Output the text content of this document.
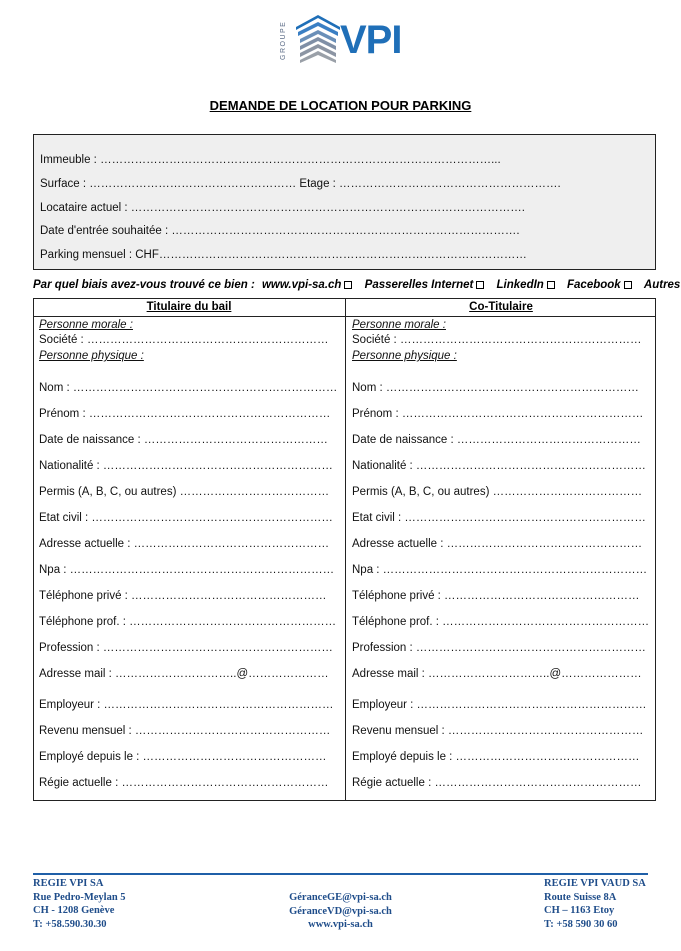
GROUPE VPI
DEMANDE DE LOCATION POUR PARKING
Immeuble : …………………………………………………………………………………………...
Surface : ……………………………………………… Etage : ………………………………………………….
Locataire actuel : ………………………………………………………………………………………….
Date d'entrée souhaitée : ……………………………………………………………………………….
Parking mensuel : CHF……………………………………………………………………………………
Par quel biais avez-vous trouvé ce bien : www.vpi-sa.ch Passerelles Internet LinkedIn Facebook Autres
Titulaire du bail	Co-Titulaire
Personne morale :
Société : ………………………………………………………
Personne physique :
Nom : ……………………………………………………………
Prénom : ………………………………………………………
Date de naissance : …………………………………………
Nationalité : ……………………………………………………
Permis (A, B, C, ou autres) …………………………………
Etat civil : ………………………………………………………
Adresse actuelle : ……………………………………………
Npa : ……………………………………………………………
Téléphone privé : ……………………………………………
Téléphone prof. : ………………………………………………
Profession : ……………………………………………………
Adresse mail : …………………………..@…………………
Employeur : ……………………………………………………
Revenu mensuel : ……………………………………………
Employé depuis le : …………………………………………
Régie actuelle : ………………………………………………
Personne morale :
Société : ………………………………………………………
Personne physique :
Nom : …………………………………………………………
Prénom : ………………………………………………………
Date de naissance : …………………………………………
Nationalité : ……………………………………………………
Permis (A, B, C, ou autres) …………………………………
Etat civil : ………………………………………………………
Adresse actuelle : ……………………………………………
Npa : ……………………………………………………………
Téléphone privé : ……………………………………………
Téléphone prof. : ………………………………………………
Profession : ……………………………………………………
Adresse mail : …………………………..@…………………
Employeur : ……………………………………………………
Revenu mensuel : ……………………………………………
Employé depuis le : …………………………………………
Régie actuelle : ………………………………………………
REGIE VPI SA
Rue Pedro-Meylan 5
CH - 1208 Genève
T: +58.590.30.30
GéranceGE@vpi-sa.ch
GéranceVD@vpi-sa.ch
www.vpi-sa.ch
REGIE VPI VAUD SA
Route Suisse 8A
CH – 1163 Etoy
T: +58 590 30 60
